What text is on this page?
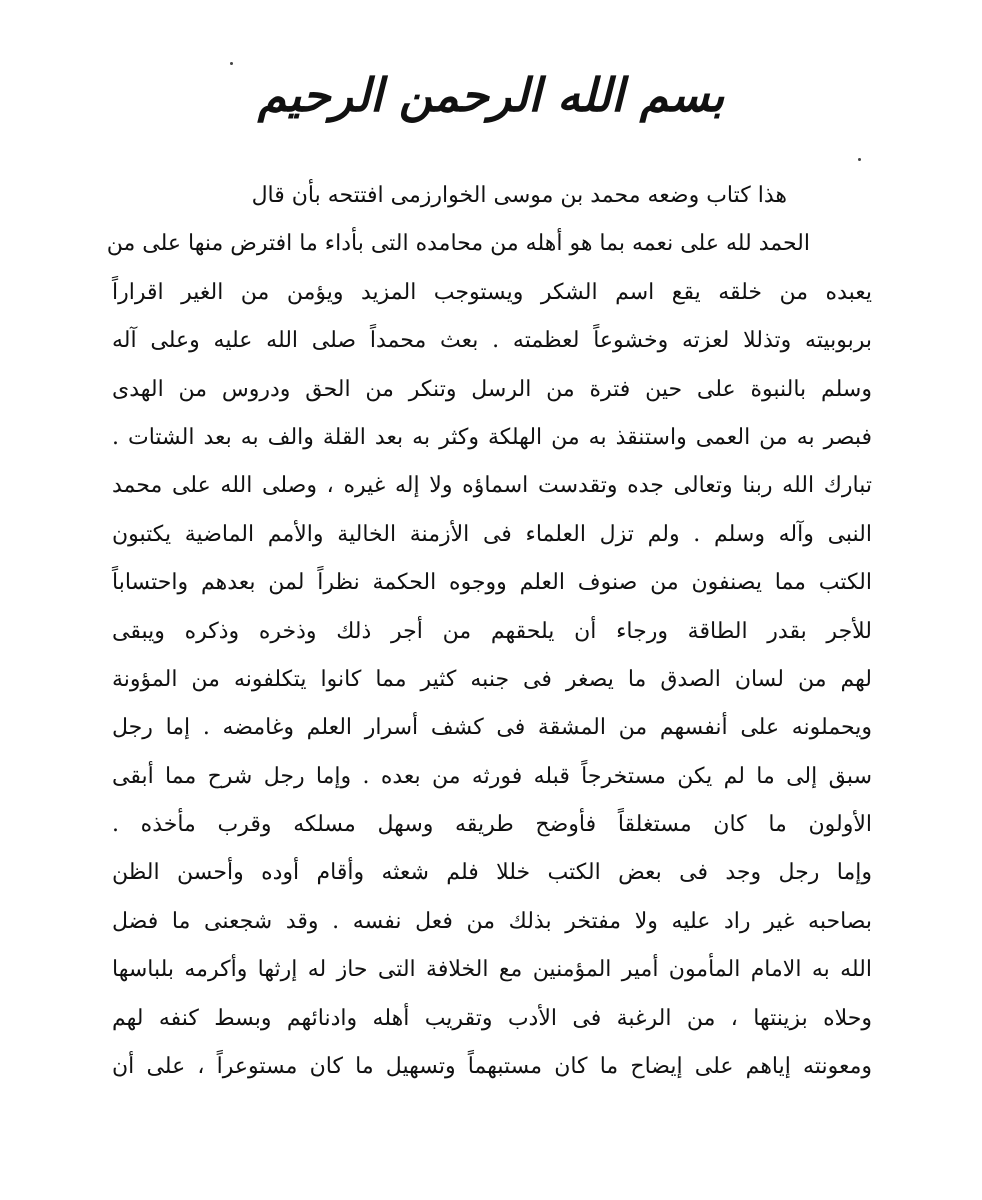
بسم الله الرحمن الرحيم
هذا كتاب وضعه محمد بن موسى الخوارزمى افتتحه بأن قال
الحمد لله على نعمه بما هو أهله من محامده التى بأداء ما افترض منها على من
يعبده من خلقه يقع اسم الشكر ويستوجب المزيد ويؤمن من الغير اقراراً
بربوبيته وتذللا لعزته وخشوعاً لعظمته . بعث محمداً صلى الله عليه وعلى آله
وسلم بالنبوة على حين فترة من الرسل وتنكر من الحق ودروس من الهدى
فبصر به من العمى واستنقذ به من الهلكة وكثر به بعد القلة والف به بعد الشتات .
تبارك الله ربنا وتعالى جده وتقدست اسماؤه ولا إله غيره ، وصلى الله على محمد
النبى وآله وسلم . ولم تزل العلماء فى الأزمنة الخالية والأمم الماضية يكتبون
الكتب مما يصنفون من صنوف العلم ووجوه الحكمة نظراً لمن بعدهم واحتساباً
للأجر بقدر الطاقة ورجاء أن يلحقهم من أجر ذلك وذخره وذكره ويبقى
لهم من لسان الصدق ما يصغر فى جنبه كثير مما كانوا يتكلفونه من المؤونة
ويحملونه على أنفسهم من المشقة فى كشف أسرار العلم وغامضه . إما رجل
سبق إلى ما لم يكن مستخرجاً قبله فورثه من بعده . وإما رجل شرح مما أبقى
الأولون ما كان مستغلقاً فأوضح طريقه وسهل مسلكه وقرب مأخذه .
وإما رجل وجد فى بعض الكتب خللا فلم شعثه وأقام أوده وأحسن الظن
بصاحبه غير راد عليه ولا مفتخر بذلك من فعل نفسه . وقد شجعنى ما فضل
الله به الامام المأمون أمير المؤمنين مع الخلافة التى حاز له إرثها وأكرمه بلباسها
وحلاه بزينتها ، من الرغبة فى الأدب وتقريب أهله وادنائهم وبسط كنفه لهم
ومعونته إياهم على إيضاح ما كان مستبهماً وتسهيل ما كان مستوعراً ، على أن
